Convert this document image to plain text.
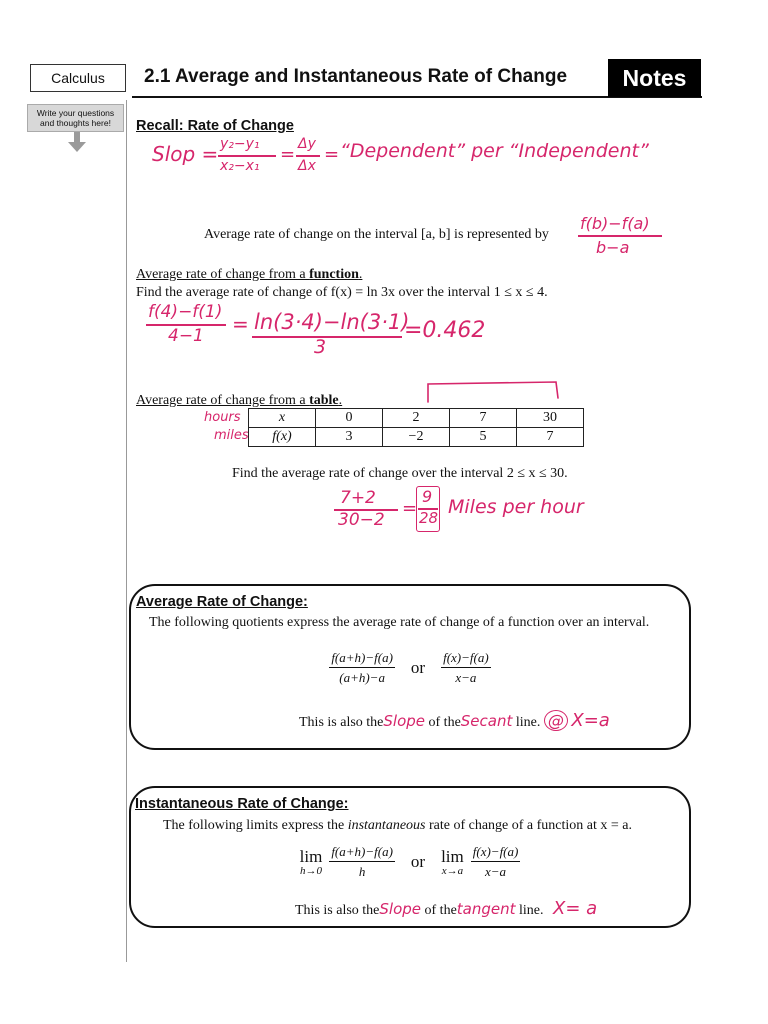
Calculus	2.1 Average and Instantaneous Rate of Change	Notes
Write your questions
and thoughts here!	Recall: Rate of Change
Slop = y₂−y₁
x₂−x₁
= Δy
Δx
= “Dependent” per “Independent”
Average rate of change on the interval [a, b] is represented by
f(b)−f(a)
b−a
Average rate of change from a function.
Find the average rate of change of f(x) = ln 3x over the interval 1 ≤ x ≤ 4.
f(4)−f(1)
4−1 = ln(3·4)−ln(3·1)
3
=0.462
Average rate of change from a table.
hours
miles
x	0	2	7	30
f(x)	3	−2	5	7
Find the average rate of change over the interval 2 ≤ x ≤ 30.
7+2
30−2
=
9
28 Miles per hour
Average Rate of Change:
The following quotients express the average rate of change of a function over an interval.
$\frac{f(a+h)-f(a)}{(a+h)-a}$ or $\frac{f(x)-f(a)}{x-a}$
This is also theSlope of theSecant line. @ X=a
Instantaneous Rate of Change:
The following limits express the instantaneous rate of change of a function at x = a.
lim
h→0
$\frac{f(a+h)-f(a)}{h}$ or lim
x→a
$\frac{f(x)-f(a)}{x-a}$
This is also theSlope of thetangent line. X= a
